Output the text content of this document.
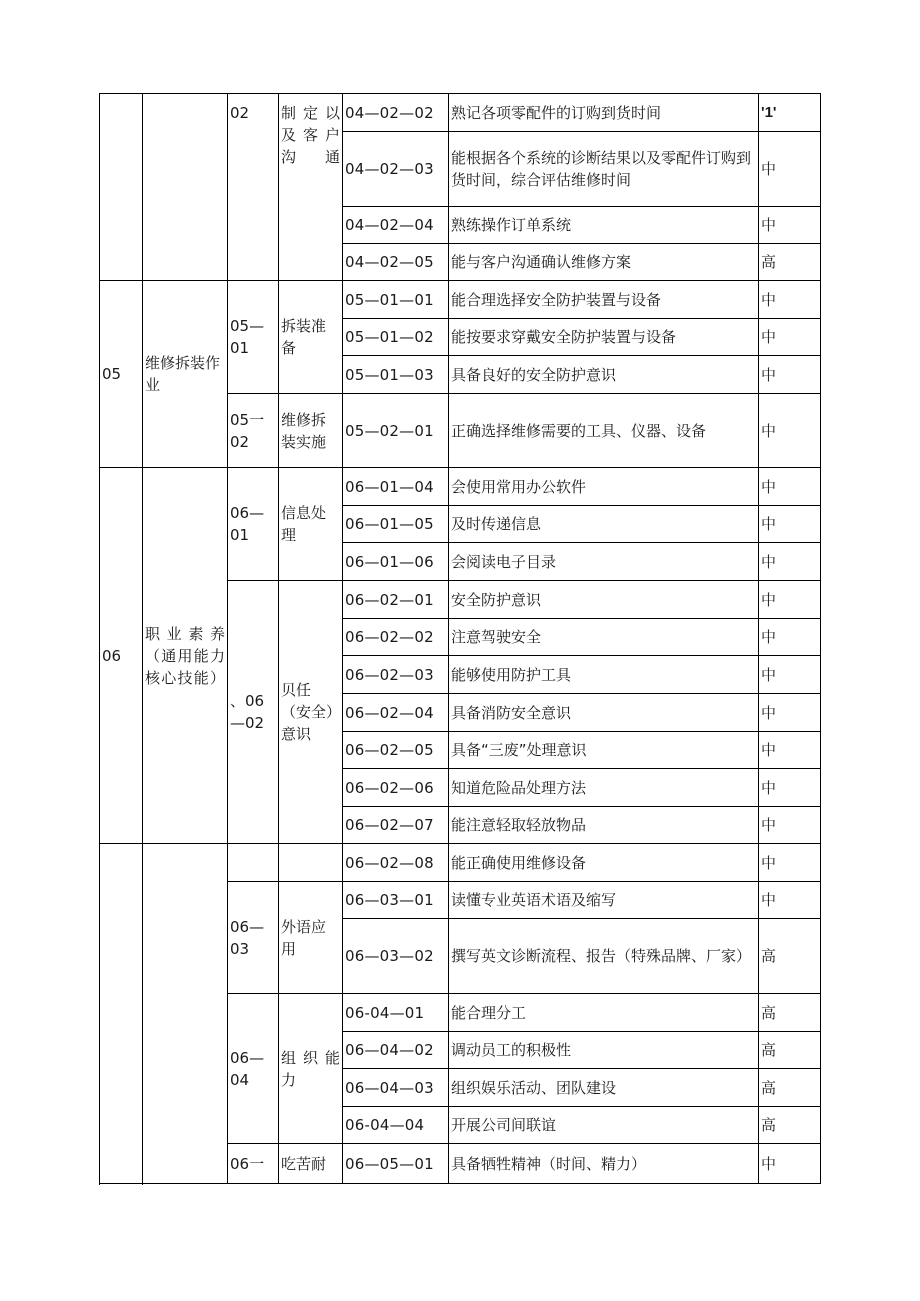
		02	制定以及客户沟通	04—02—02	熟记各项零配件的订购到货时间	'1'
				04—02—03	能根据各个系统的诊断结果以及零配件订购到货时间，综合评估维修时间	中
				04—02—04	熟练操作订单系统	中
				04—02—05	能与客户沟通确认维修方案	高

05	维修拆装作业	05—01	拆装准备	05—01—01	能合理选择安全防护装置与设备	中
				05—01—02	能按要求穿戴安全防护装置与设备	中
				05—01—03	具备良好的安全防护意识	中
		05一02	维修拆装实施	05—02—01	正确选择维修需要的工具、仪器、设备	中
06	职业素养（通用能力核心技能）	06—01	信息处理	06—01—04	会使用常用办公软件	中
				06—01—05	及时传递信息	中
				06—01—06	会阅读电子目录	中
		、06—02	贝任（安全）意识	06—02—01	安全防护意识	中
				06—02—02	注意驾驶安全	中
				06—02—03	能够使用防护工具	中
				06—02—04	具备消防安全意识	中
				06—02—05	具备“三废”处理意识	中
				06—02—06	知道危险品处理方法	中
				06—02—07	能注意轻取轻放物品	中
				06—02—08	能正确使用维修设备	中
		06—03	外语应用	06—03—01	读懂专业英语术语及缩写	中
				06—03—02	撰写英文诊断流程、报告（特殊品牌、厂家）	高
		06—04	组织能力	06-04—01	能合理分工	高
				06—04—02	调动员工的积极性	高
				06—04—03	组织娱乐活动、团队建设	高
				06-04—04	开展公司间联谊	高
		06一	吃苦耐	06—05—01	具备牺牲精神（时间、精力）	中
